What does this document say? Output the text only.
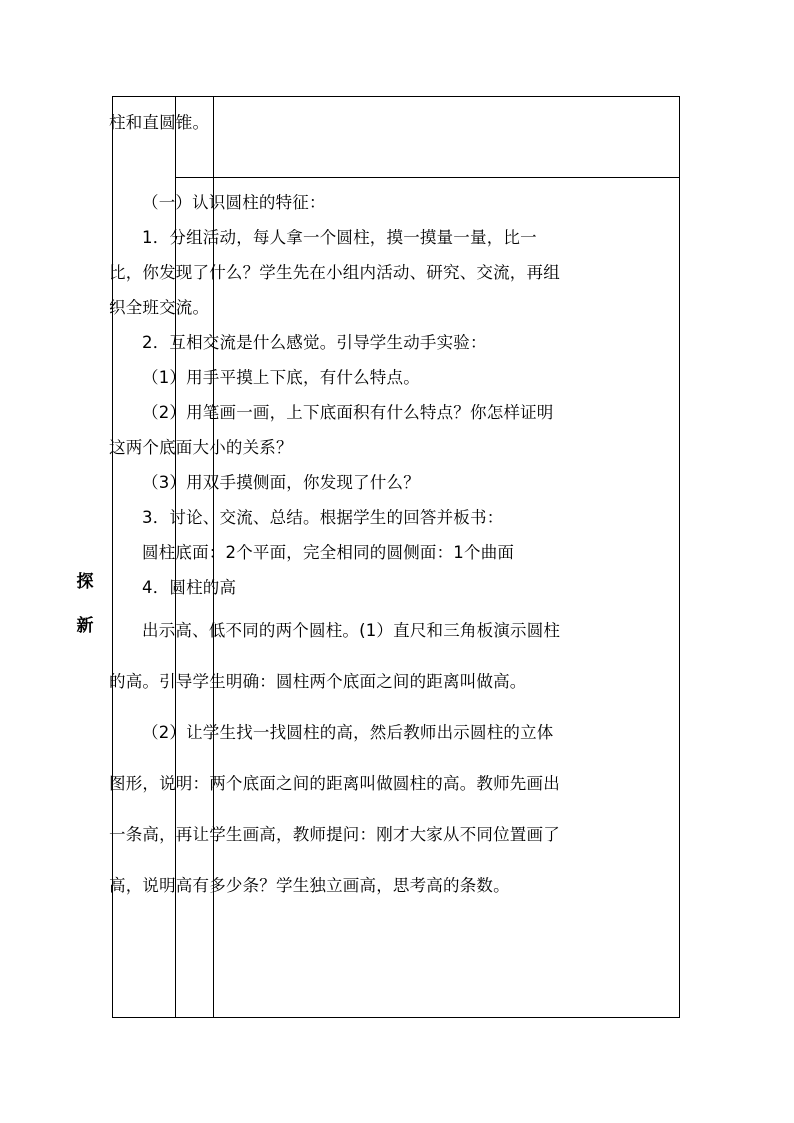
柱和直圆锥。

探
新

（一）认识圆柱的特征：

1．分组活动，每人拿一个圆柱，摸一摸量一量，比一比，你发现了什么？学生先在小组内活动、研究、交流，再组织全班交流。

2．互相交流是什么感觉。引导学生动手实验：

（1）用手平摸上下底，有什么特点。

（2）用笔画一画，上下底面积有什么特点？你怎样证明这两个底面大小的关系？

（3）用双手摸侧面，你发现了什么？

3．讨论、交流、总结。根据学生的回答并板书：

圆柱底面：2个平面，完全相同的圆侧面：1个曲面

4．圆柱的高

出示高、低不同的两个圆柱。(1）直尺和三角板演示圆柱的高。引导学生明确：圆柱两个底面之间的距离叫做高。

（2）让学生找一找圆柱的高，然后教师出示圆柱的立体图形，说明：两个底面之间的距离叫做圆柱的高。教师先画出一条高，再让学生画高，教师提问：刚才大家从不同位置画了高，说明高有多少条？学生独立画高，思考高的条数。
